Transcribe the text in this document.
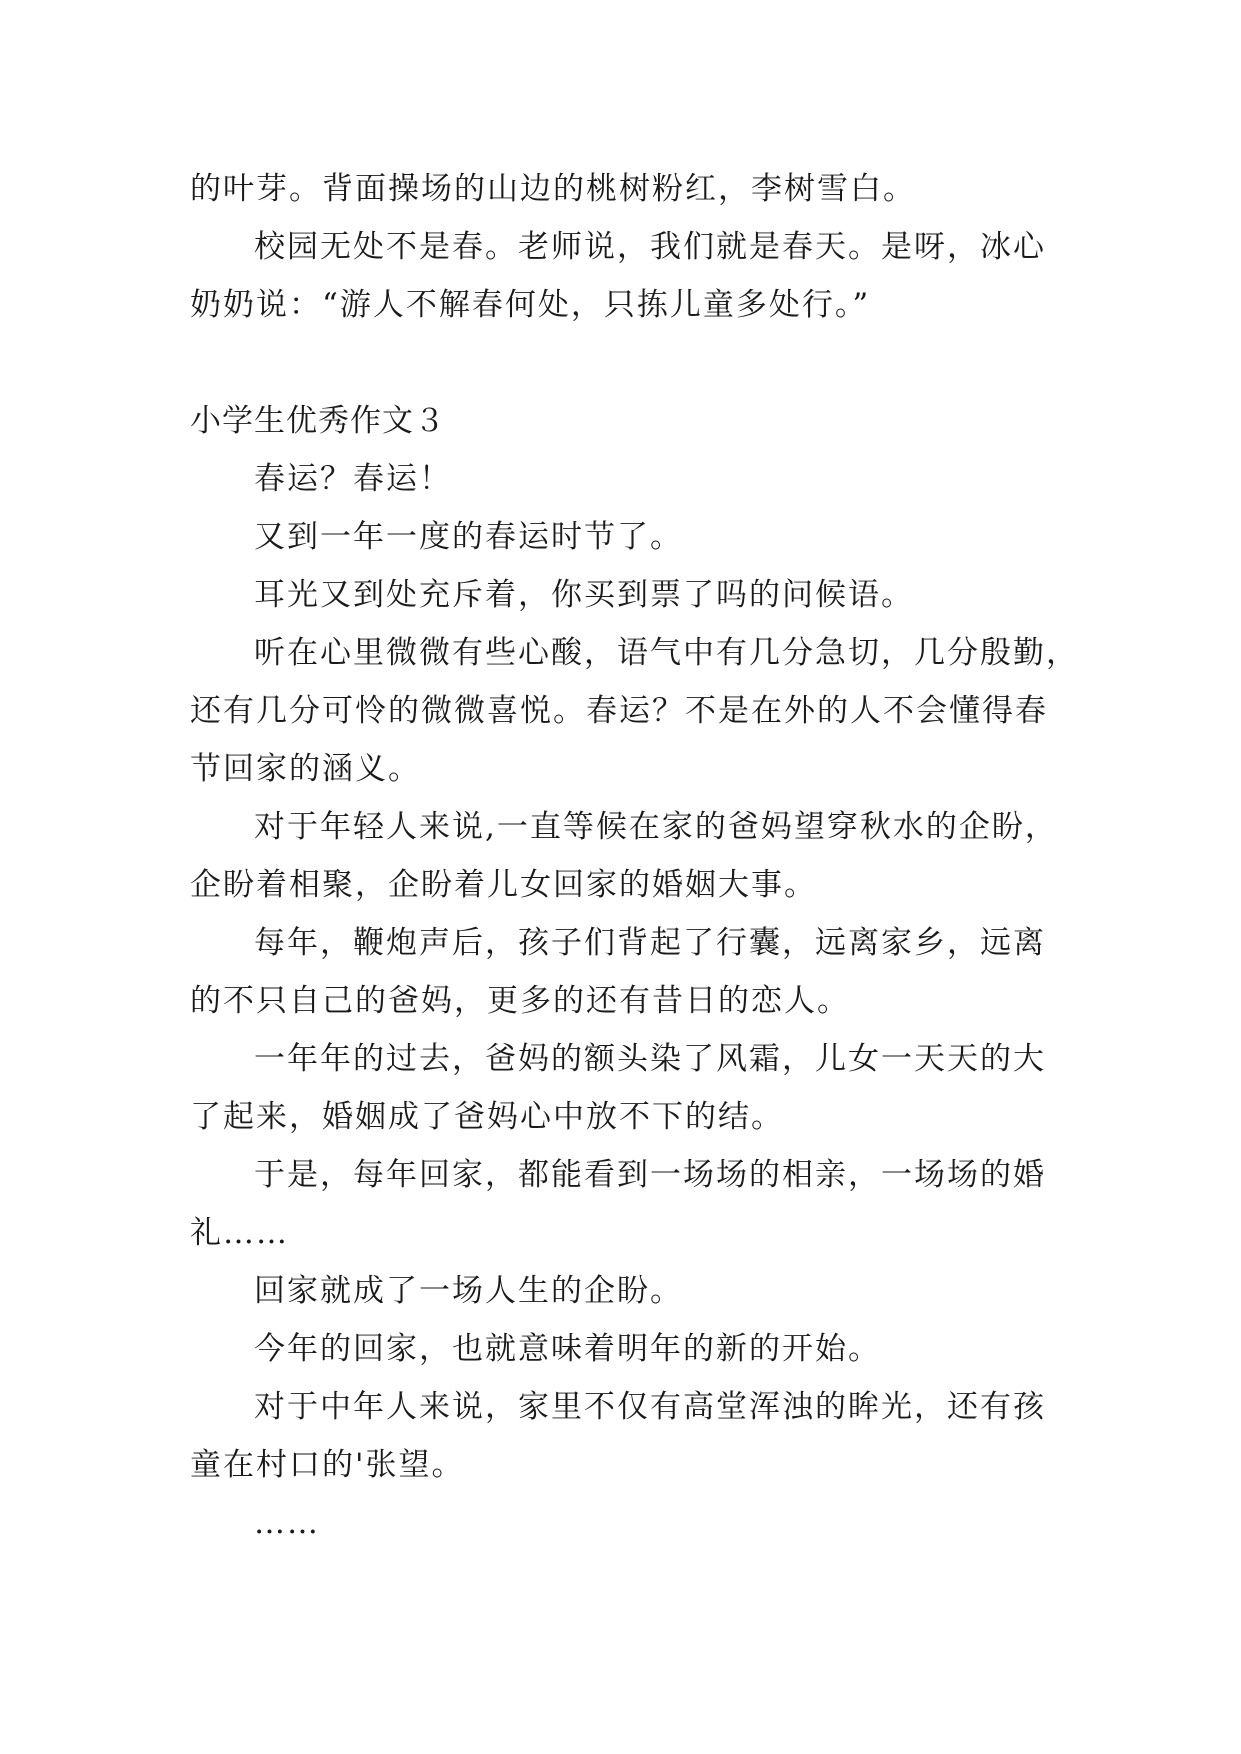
的叶芽。背面操场的山边的桃树粉红，李树雪白。
校园无处不是春。老师说，我们就是春天。是呀，冰心
奶奶说：“游人不解春何处，只拣儿童多处行。”
小学生优秀作文３
春运？春运！
又到一年一度的春运时节了。
耳光又到处充斥着，你买到票了吗的问候语。
听在心里微微有些心酸，语气中有几分急切，几分殷勤，
还有几分可怜的微微喜悦。春运？不是在外的人不会懂得春
节回家的涵义。
对于年轻人来说,一直等候在家的爸妈望穿秋水的企盼，
企盼着相聚，企盼着儿女回家的婚姻大事。
每年，鞭炮声后，孩子们背起了行囊，远离家乡，远离
的不只自己的爸妈，更多的还有昔日的恋人。
一年年的过去，爸妈的额头染了风霜，儿女一天天的大
了起来，婚姻成了爸妈心中放不下的结。
于是，每年回家，都能看到一场场的相亲，一场场的婚
礼……
回家就成了一场人生的企盼。
今年的回家，也就意味着明年的新的开始。
对于中年人来说，家里不仅有高堂浑浊的眸光，还有孩
童在村口的'张望。
……
